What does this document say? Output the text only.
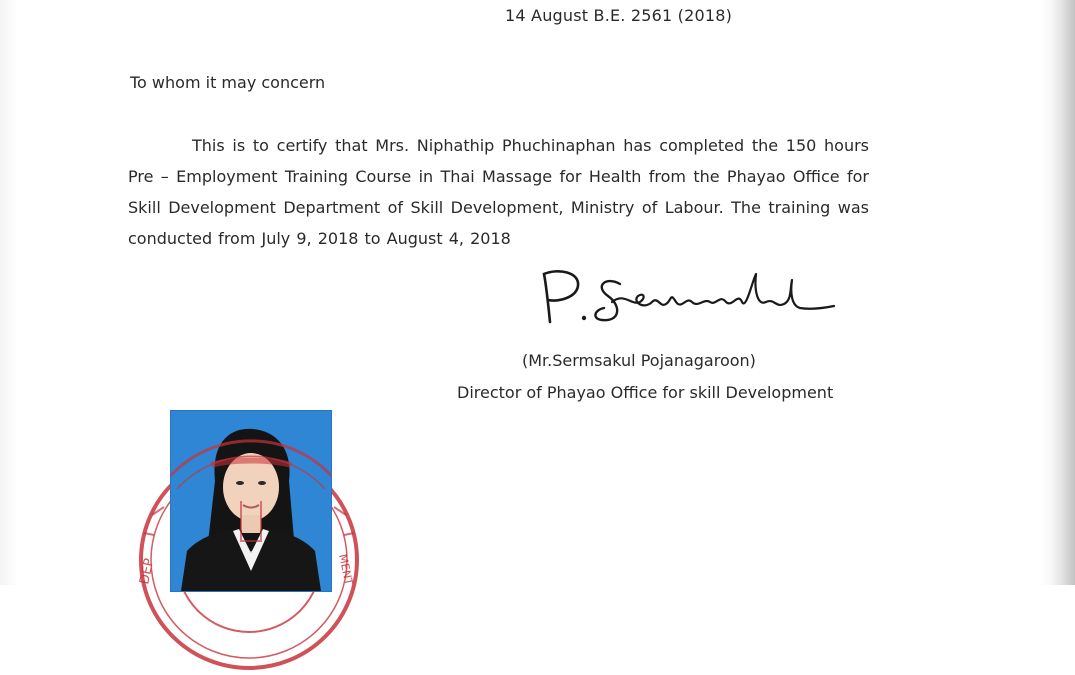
14 August B.E. 2561 (2018)
To whom it may concern
This is to certify that Mrs. Niphathip Phuchinaphan has completed the 150 hours Pre – Employment Training Course in Thai Massage for Health from the Phayao Office for Skill Development Department of Skill Development, Ministry of Labour. The training was conducted from July 9, 2018 to August 4, 2018
(Mr.Sermsakul Pojanagaroon)
Director of Phayao Office for skill Development
DEP	MENT
